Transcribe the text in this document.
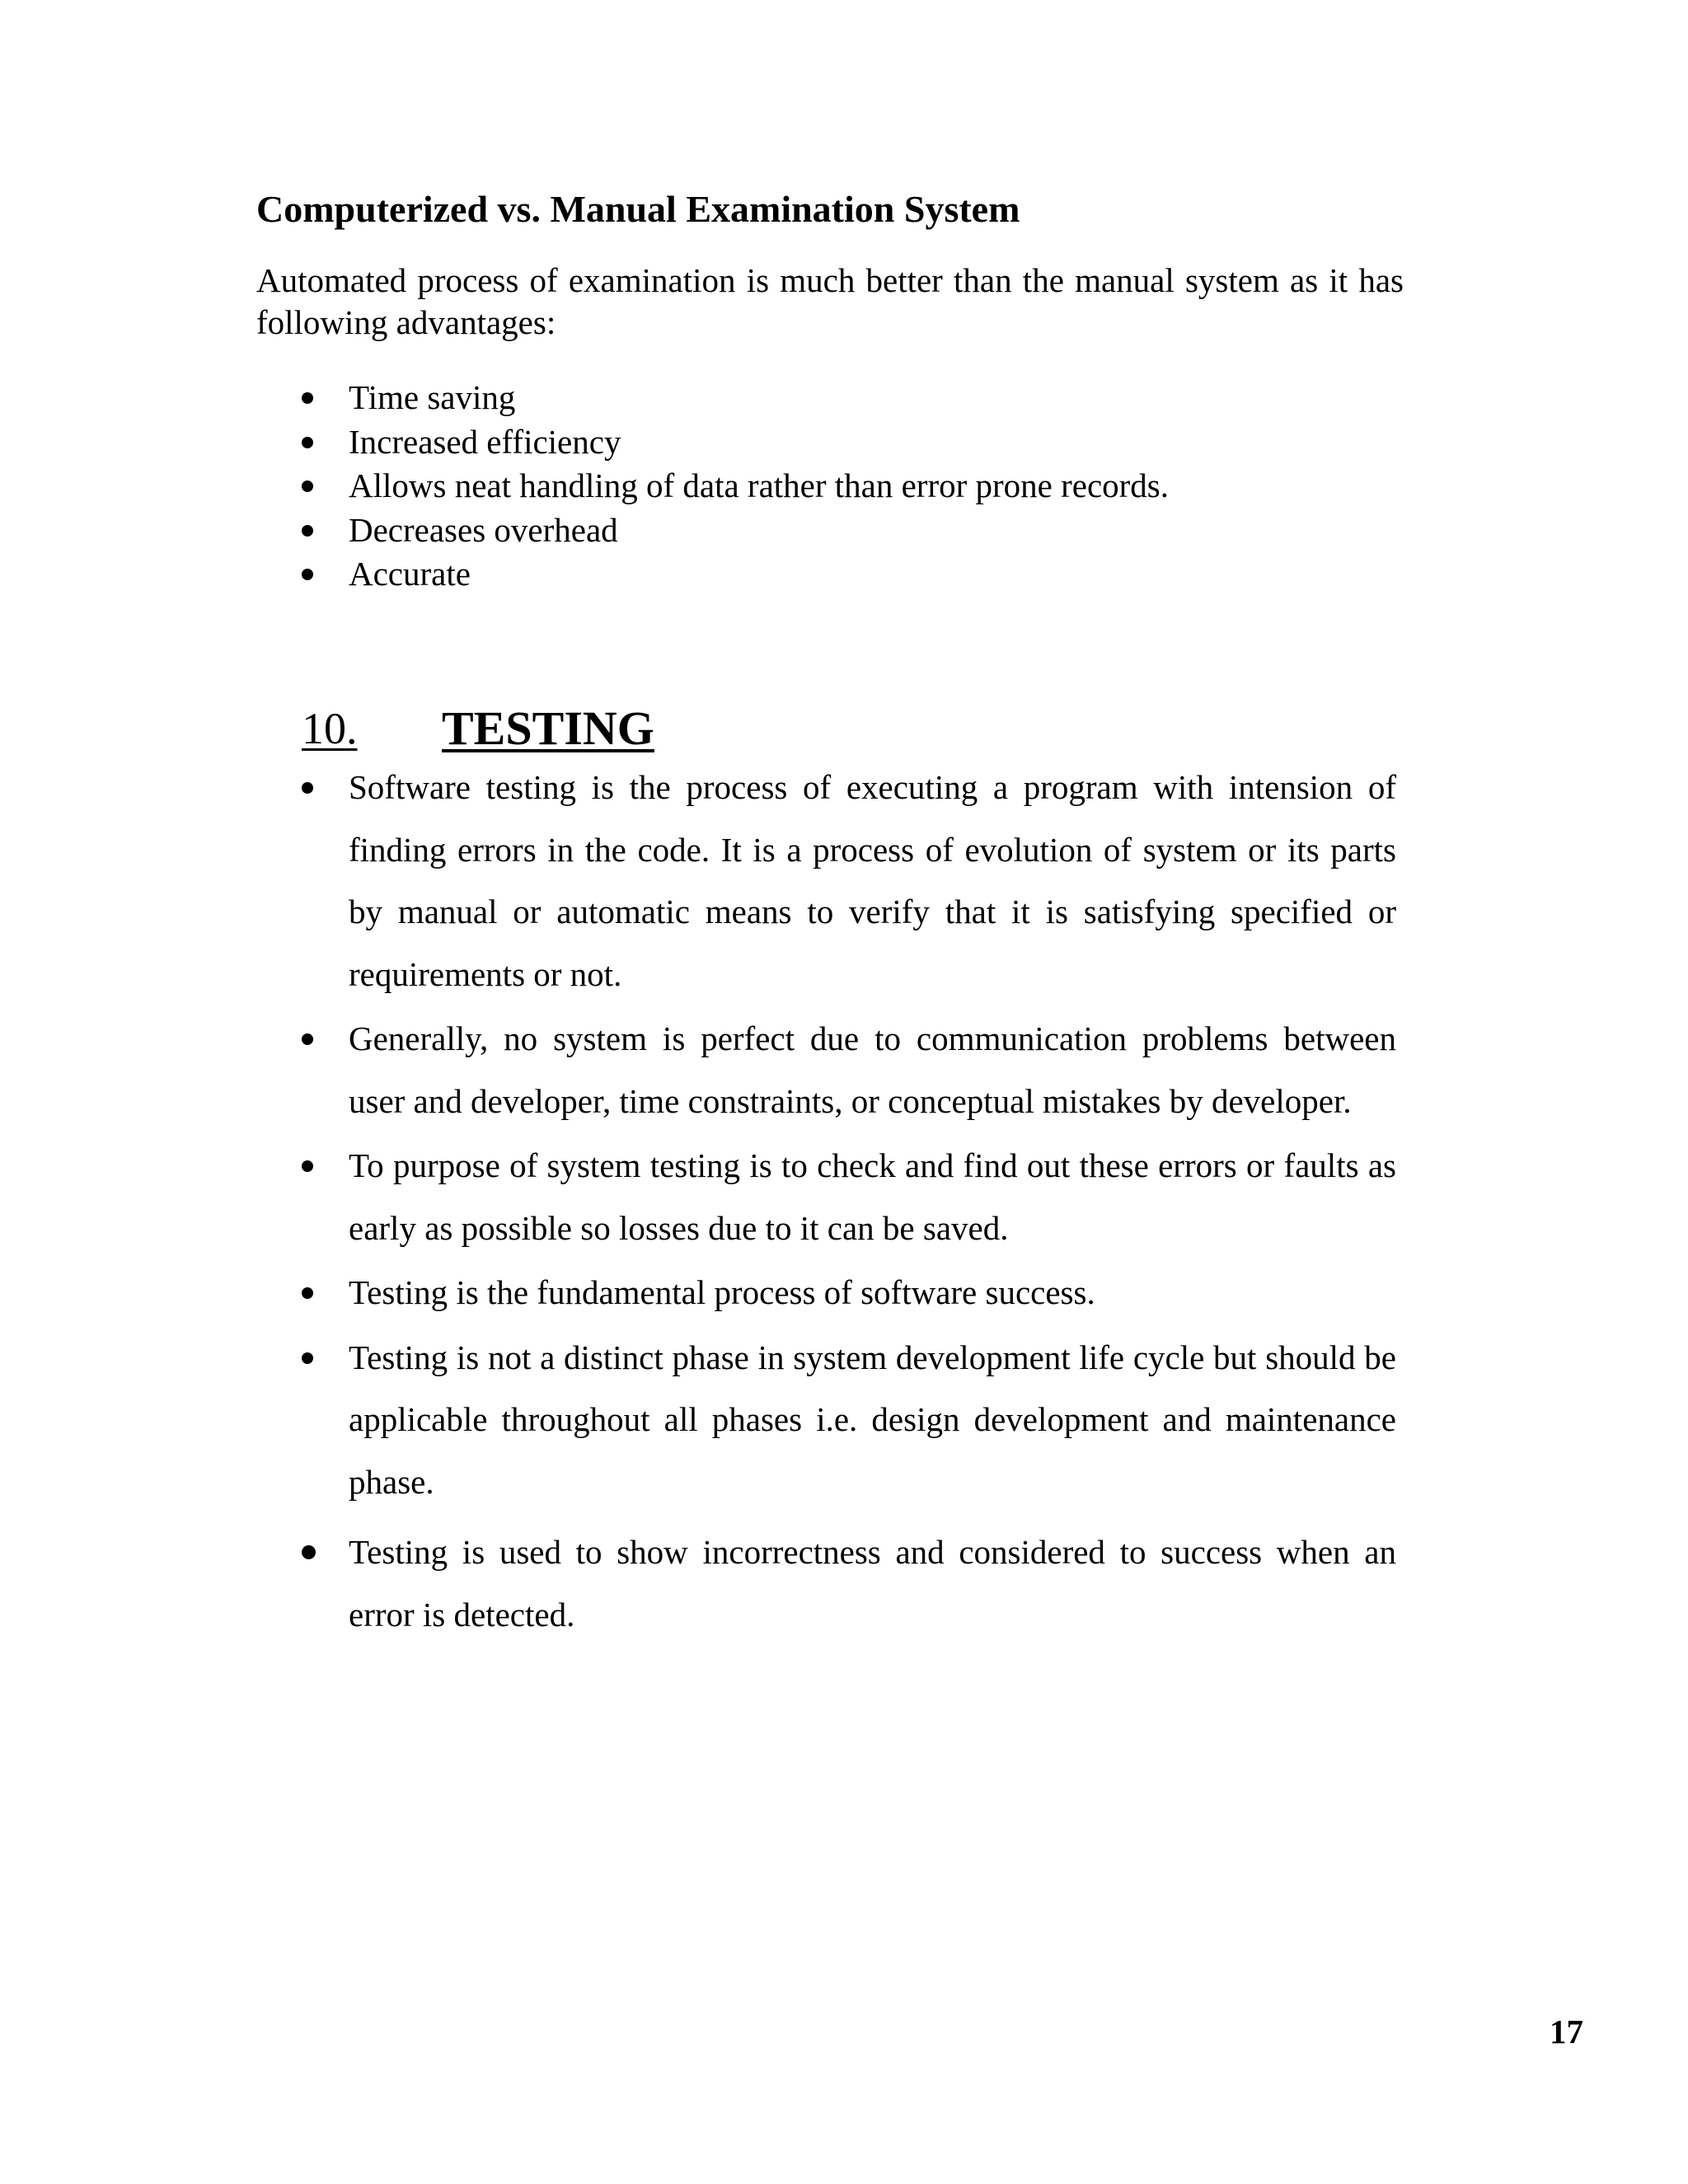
Computerized vs. Manual Examination System

Automated process of examination is much better than the manual system as it has following advantages:

Time saving
Increased efficiency
Allows neat handling of data rather than error prone records.
Decreases overhead
Accurate
10. TESTING
Software testing is the process of executing a program with intension of finding errors in the code. It is a process of evolution of system or its parts by manual or automatic means to verify that it is satisfying specified or requirements or not.
Generally, no system is perfect due to communication problems between user and developer, time constraints, or conceptual mistakes by developer.
To purpose of system testing is to check and find out these errors or faults as early as possible so losses due to it can be saved.
Testing is the fundamental process of software success.
Testing is not a distinct phase in system development life cycle but should be applicable throughout all phases i.e. design development and maintenance phase.
Testing is used to show incorrectness and considered to success when an error is detected.

17
